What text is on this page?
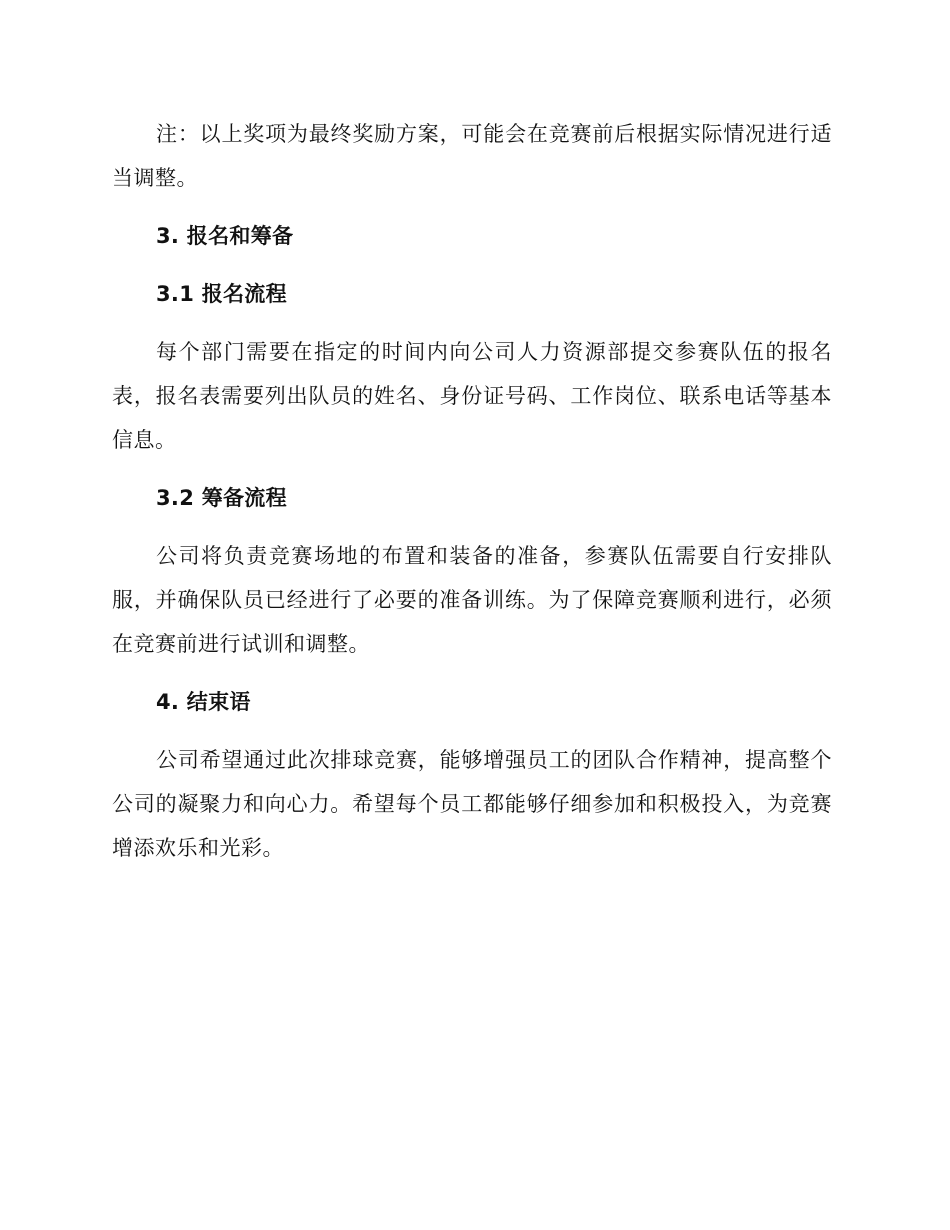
注：以上奖项为最终奖励方案，可能会在竞赛前后根据实际情况进行适当调整。

3. 报名和筹备
3.1 报名流程

每个部门需要在指定的时间内向公司人力资源部提交参赛队伍的报名表，报名表需要列出队员的姓名、身份证号码、工作岗位、联系电话等基本信息。

3.2 筹备流程

公司将负责竞赛场地的布置和装备的准备，参赛队伍需要自行安排队服，并确保队员已经进行了必要的准备训练。为了保障竞赛顺利进行，必须在竞赛前进行试训和调整。

4. 结束语

公司希望通过此次排球竞赛，能够增强员工的团队合作精神，提高整个公司的凝聚力和向心力。希望每个员工都能够仔细参加和积极投入，为竞赛增添欢乐和光彩。
